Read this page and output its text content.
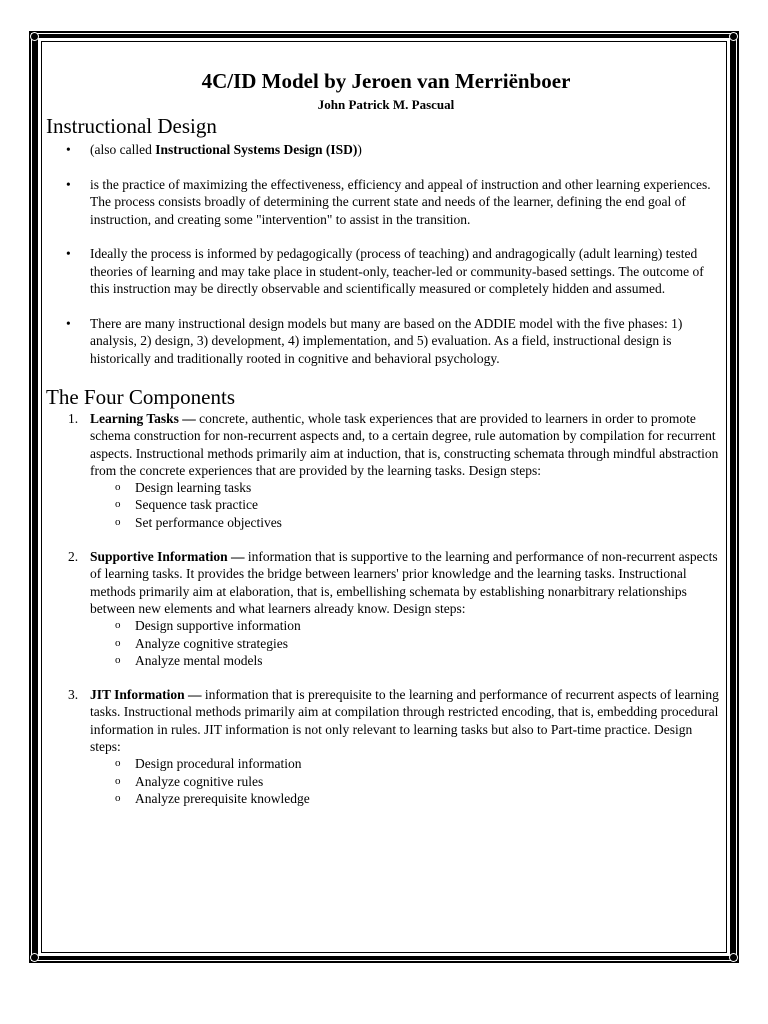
4C/ID Model by Jeroen van Merriënboer
John Patrick M. Pascual
Instructional Design
• (also called Instructional Systems Design (ISD))
• is the practice of maximizing the effectiveness, efficiency and appeal of instruction and other learning experiences. The process consists broadly of determining the current state and needs of the learner, defining the end goal of instruction, and creating some "intervention" to assist in the transition.
• Ideally the process is informed by pedagogically (process of teaching) and andragogically (adult learning) tested theories of learning and may take place in student-only, teacher-led or community-based settings. The outcome of this instruction may be directly observable and scientifically measured or completely hidden and assumed.
• There are many instructional design models but many are based on the ADDIE model with the five phases: 1) analysis, 2) design, 3) development, 4) implementation, and 5) evaluation. As a field, instructional design is historically and traditionally rooted in cognitive and behavioral psychology.
The Four Components
1. Learning Tasks — concrete, authentic, whole task experiences that are provided to learners in order to promote schema construction for non-recurrent aspects and, to a certain degree, rule automation by compilation for recurrent aspects. Instructional methods primarily aim at induction, that is, constructing schemata through mindful abstraction from the concrete experiences that are provided by the learning tasks. Design steps:
o Design learning tasks
o Sequence task practice
o Set performance objectives
2. Supportive Information — information that is supportive to the learning and performance of non-recurrent aspects of learning tasks. It provides the bridge between learners' prior knowledge and the learning tasks. Instructional methods primarily aim at elaboration, that is, embellishing schemata by establishing nonarbitrary relationships between new elements and what learners already know. Design steps:
o Design supportive information
o Analyze cognitive strategies
o Analyze mental models
3. JIT Information — information that is prerequisite to the learning and performance of recurrent aspects of learning tasks. Instructional methods primarily aim at compilation through restricted encoding, that is, embedding procedural information in rules. JIT information is not only relevant to learning tasks but also to Part-time practice. Design steps:
o Design procedural information
o Analyze cognitive rules
o Analyze prerequisite knowledge
